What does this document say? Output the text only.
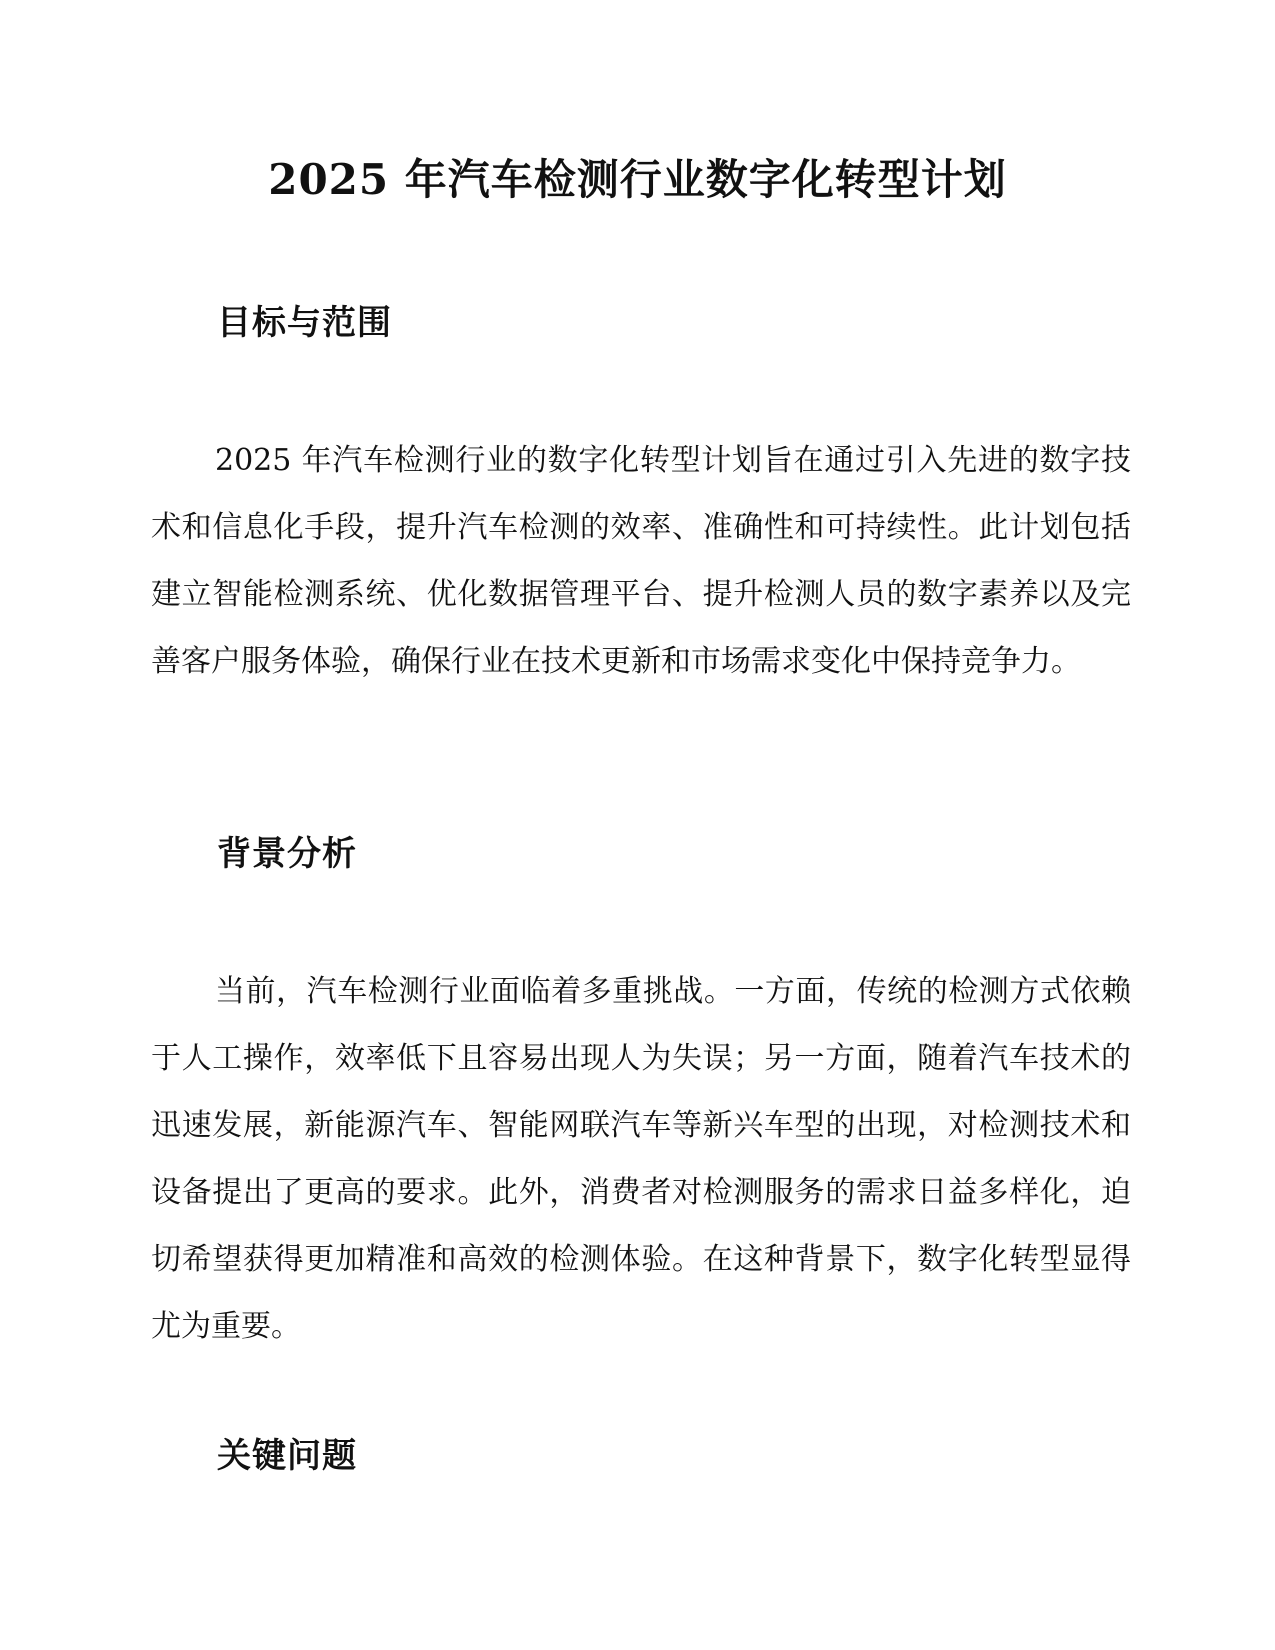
2025 年汽车检测行业数字化转型计划
目标与范围

2025 年汽车检测行业的数字化转型计划旨在通过引入先进的数字技术和信息化手段，提升汽车检测的效率、准确性和可持续性。此计划包括建立智能检测系统、优化数据管理平台、提升检测人员的数字素养以及完善客户服务体验，确保行业在技术更新和市场需求变化中保持竞争力。

背景分析

当前，汽车检测行业面临着多重挑战。一方面，传统的检测方式依赖于人工操作，效率低下且容易出现人为失误；另一方面，随着汽车技术的迅速发展，新能源汽车、智能网联汽车等新兴车型的出现，对检测技术和设备提出了更高的要求。此外，消费者对检测服务的需求日益多样化，迫切希望获得更加精准和高效的检测体验。在这种背景下，数字化转型显得尤为重要。

关键问题
